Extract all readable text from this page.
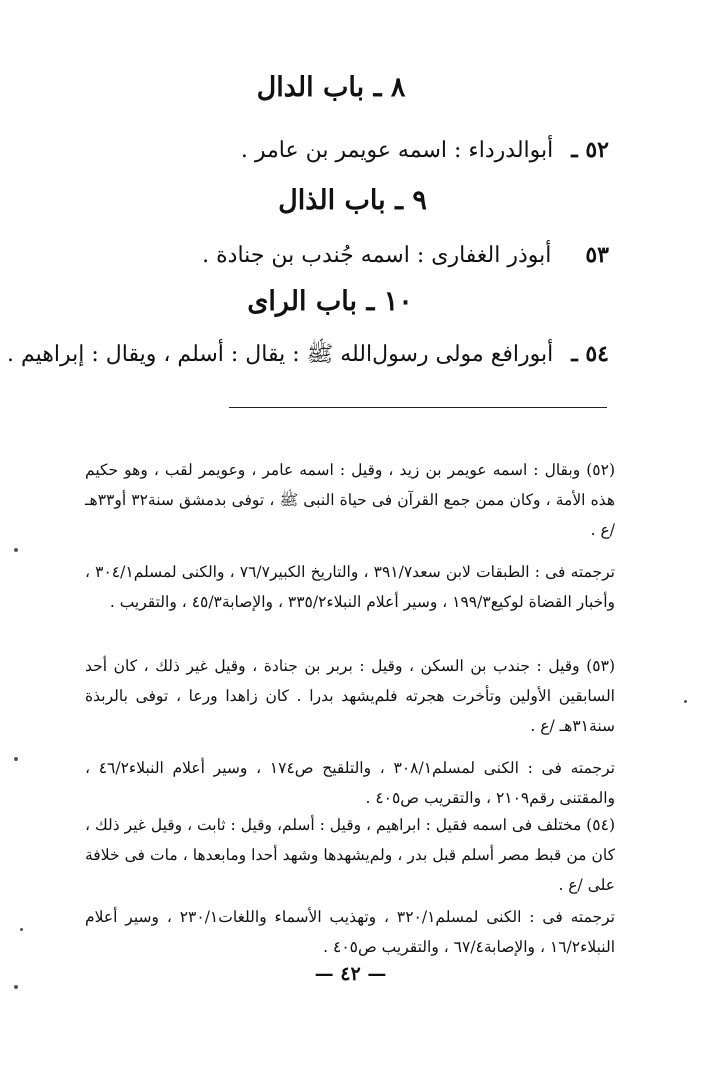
٨ ـ باب الدال
٥٢ ـأبوالدرداء : اسمه عويمر بن عامر .
٩ ـ باب الذال
٥٣أبوذر الغفارى : اسمه جُندب بن جنادة .
١٠ ـ باب الراى
٥٤ ـأبورافع مولى رسول‌الله ﷺ : يقال : أسلم ، ويقال : إبراهيم .

(٥٢) وبقال : اسمه عويمر بن زيد ، وقيل : اسمه عامر ، وعويمر لقب ، وهو حكيم هذه الأمة ، وكان ممن جمع القرآن فى حياة النبى ﷺ ، توفى بدمشق سنة٣٢ أو٣٣هـ /ع .

ترجمته فى : الطبقات لابن سعد٣٩١/٧ ، والتاريخ الكبير٧٦/٧ ، والكنى لمسلم٣٠٤/١ ، وأخبار القضاة لوكيع١٩٩/٣ ، وسير أعلام النبلاء٣٣٥/٢ ، والإصابة٤٥/٣ ، والتقريب .

(٥٣) وقيل : جندب بن السكن ، وقيل : بربر بن جنادة ، وقيل غير ذلك ، كان أحد السابقين الأولين وتأخرت هجرته فلم‌يشهد بدرا . كان زاهدا ورعا ، توفى بالربذة سنة٣١هـ /ع .

ترجمته فى : الكنى لمسلم٣٠٨/١ ، والتلقيح ص١٧٤ ، وسير أعلام النبلاء٤٦/٢ ، والمقتنى رقم٢١٠٩ ، والتقريب ص٤٠٥ .

(٥٤) مختلف فى اسمه فقيل : ابراهيم ، وقيل : أسلم، وقيل : ثابت ، وقيل غير ذلك ، كان من قبط مصر أسلم قبل بدر ، ولم‌يشهدها وشهد أحدا ومابعدها ، مات فى خلافة على /ع .

ترجمته فى : الكنى لمسلم٣٢٠/١ ، وتهذيب الأسماء واللغات٢٣٠/١ ، وسير أعلام النبلاء١٦/٢ ، والإصابة٦٧/٤ ، والتقريب ص٤٠٥ .

— ٤٢ —
